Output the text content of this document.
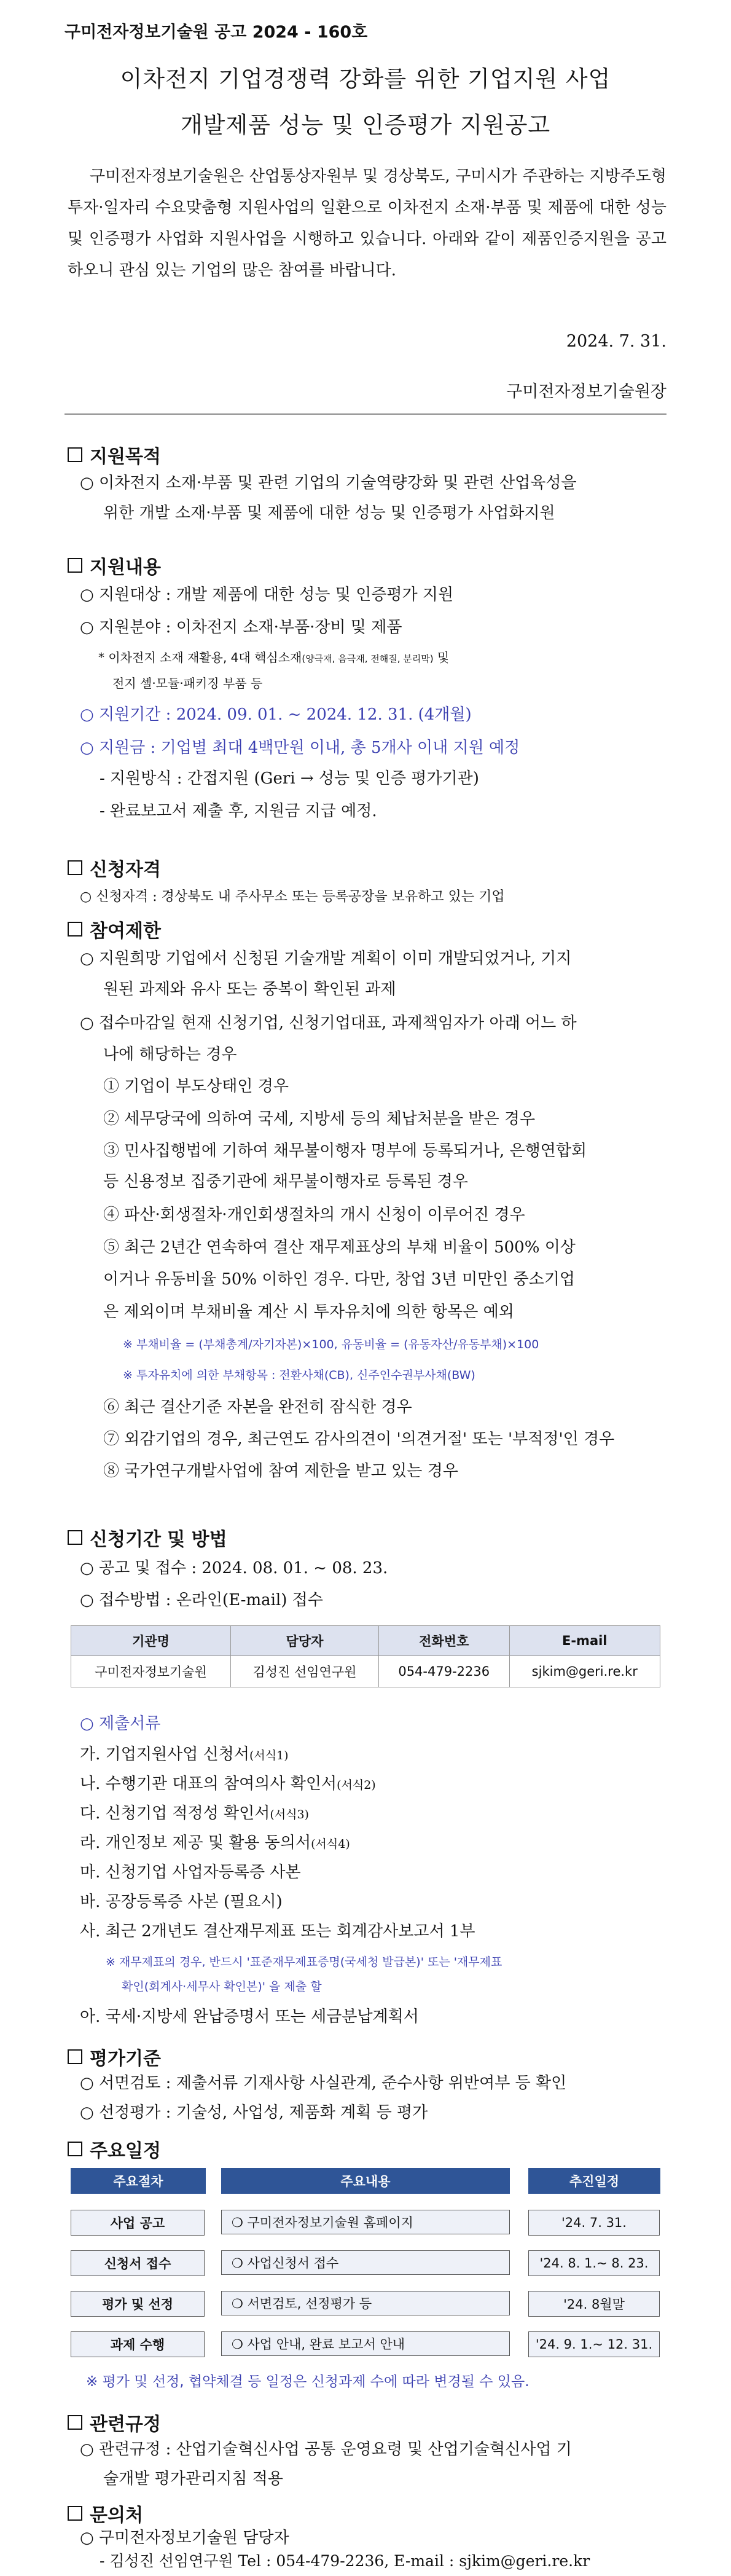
구미전자정보기술원 공고 2024 - 160호
이차전지 기업경쟁력 강화를 위한 기업지원 사업
개발제품 성능 및 인증평가 지원공고
구미전자정보기술원은 산업통상자원부 및 경상북도, 구미시가 주관하는 지방주도형 투자·일자리 수요맞춤형 지원사업의 일환으로 이차전지 소재·부품 및 제품에 대한 성능 및 인증평가 사업화 지원사업을 시행하고 있습니다. 아래와 같이 제품인증지원을 공고하오니 관심 있는 기업의 많은 참여를 바랍니다.
2024. 7. 31.
구미전자정보기술원장
지원목적
○ 이차전지 소재·부품 및 관련 기업의 기술역량강화 및 관련 산업육성을
위한 개발 소재·부품 및 제품에 대한 성능 및 인증평가 사업화지원
지원내용
○ 지원대상 : 개발 제품에 대한 성능 및 인증평가 지원
○ 지원분야 : 이차전지 소재·부품·장비 및 제품
* 이차전지 소재 재활용, 4대 핵심소재(양극재, 음극재, 전해질, 분리막) 및
전지 셀·모듈·패키징 부품 등
○ 지원기간 : 2024. 09. 01. ~ 2024. 12. 31. (4개월)
○ 지원금 : 기업별 최대 4백만원 이내, 총 5개사 이내 지원 예정
- 지원방식 : 간접지원 (Geri → 성능 및 인증 평가기관)
- 완료보고서 제출 후, 지원금 지급 예정.
신청자격
○ 신청자격 : 경상북도 내 주사무소 또는 등록공장을 보유하고 있는 기업
참여제한
○ 지원희망 기업에서 신청된 기술개발 계획이 이미 개발되었거나, 기지
원된 과제와 유사 또는 중복이 확인된 과제
○ 접수마감일 현재 신청기업, 신청기업대표, 과제책임자가 아래 어느 하
나에 해당하는 경우
① 기업이 부도상태인 경우
② 세무당국에 의하여 국세, 지방세 등의 체납처분을 받은 경우
③ 민사집행법에 기하여 채무불이행자 명부에 등록되거나, 은행연합회
등 신용정보 집중기관에 채무불이행자로 등록된 경우
④ 파산·회생절차·개인회생절차의 개시 신청이 이루어진 경우
⑤ 최근 2년간 연속하여 결산 재무제표상의 부채 비율이 500% 이상
이거나 유동비율 50% 이하인 경우. 다만, 창업 3년 미만인 중소기업
은 제외이며 부채비율 계산 시 투자유치에 의한 항목은 예외
※ 부채비율 = (부채총계/자기자본)×100, 유동비율 = (유동자산/유동부채)×100
※ 투자유치에 의한 부채항목 : 전환사채(CB), 신주인수권부사채(BW)
⑥ 최근 결산기준 자본을 완전히 잠식한 경우
⑦ 외감기업의 경우, 최근연도 감사의견이 '의견거절' 또는 '부적정'인 경우
⑧ 국가연구개발사업에 참여 제한을 받고 있는 경우
신청기간 및 방법
○ 공고 및 접수 : 2024. 08. 01. ~ 08. 23.
○ 접수방법 : 온라인(E-mail) 접수
기관명	담당자	전화번호	E-mail
구미전자정보기술원	김성진 선임연구원	054-479-2236	sjkim@geri.re.kr
○ 제출서류
가. 기업지원사업 신청서(서식1)
나. 수행기관 대표의 참여의사 확인서(서식2)
다. 신청기업 적정성 확인서(서식3)
라. 개인정보 제공 및 활용 동의서(서식4)
마. 신청기업 사업자등록증 사본
바. 공장등록증 사본 (필요시)
사. 최근 2개년도 결산재무제표 또는 회계감사보고서 1부
※ 재무제표의 경우, 반드시 '표준재무제표증명(국세청 발급본)' 또는 '재무제표
확인(회계사·세무사 확인본)' 을 제출 할
아. 국세·지방세 완납증명서 또는 세금분납계획서
평가기준
○ 서면검토 : 제출서류 기재사항 사실관계, 준수사항 위반여부 등 확인
○ 선정평가 : 기술성, 사업성, 제품화 계획 등 평가
주요일정
주요절차	주요내용	추진일정
사업 공고	❍ 구미전자정보기술원 홈페이지	'24. 7. 31.
신청서 접수	❍ 사업신청서 접수	'24. 8. 1.~ 8. 23.
평가 및 선정	❍ 서면검토, 선정평가 등	'24. 8월말
과제 수행	❍ 사업 안내, 완료 보고서 안내	'24. 9. 1.~ 12. 31.
※ 평가 및 선정, 협약체결 등 일정은 신청과제 수에 따라 변경될 수 있음.
관련규정
○ 관련규정 : 산업기술혁신사업 공통 운영요령 및 산업기술혁신사업 기
술개발 평가관리지침 적용
문의처
○ 구미전자정보기술원 담당자
- 김성진 선임연구원 Tel : 054-479-2236, E-mail : sjkim@geri.re.kr
